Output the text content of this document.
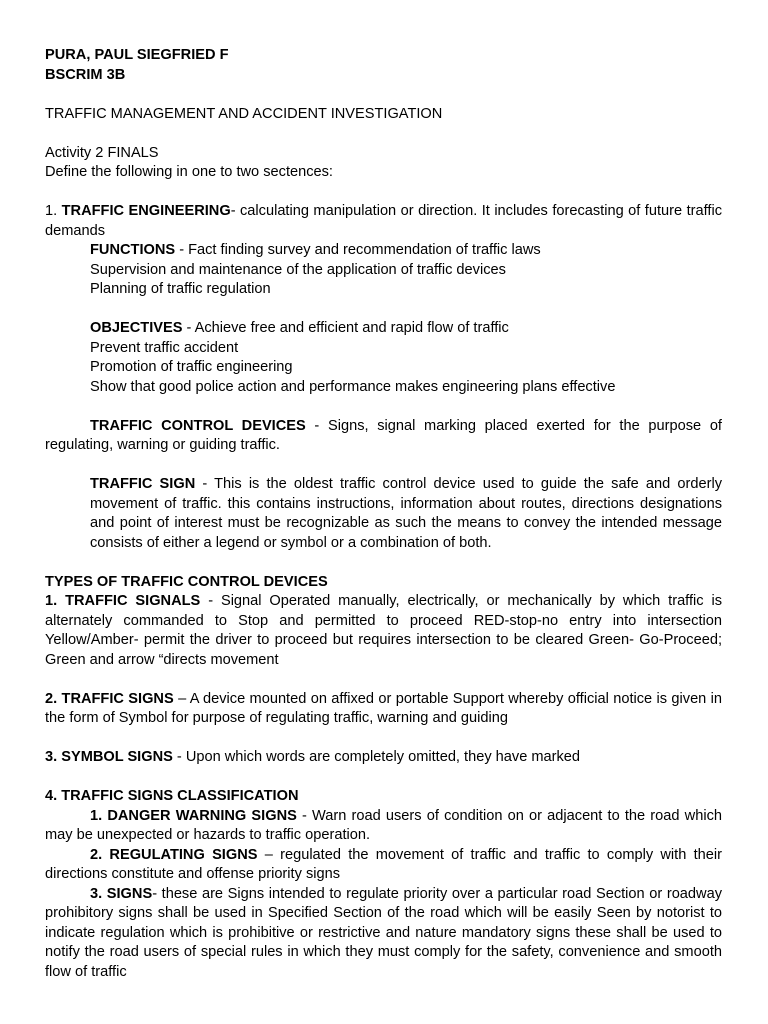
PURA, PAUL SIEGFRIED F

BSCRIM 3B

TRAFFIC MANAGEMENT AND ACCIDENT INVESTIGATION

Activity 2 FINALS

Define the following in one to two sectences:

1. TRAFFIC ENGINEERING- calculating manipulation or direction. It includes forecasting of future traffic demands

FUNCTIONS - Fact finding survey and recommendation of traffic laws

Supervision and maintenance of the application of traffic devices

Planning of traffic regulation

OBJECTIVES - Achieve free and efficient and rapid flow of traffic

Prevent traffic accident

Promotion of traffic engineering

Show that good police action and performance makes engineering plans effective

TRAFFIC CONTROL DEVICES - Signs, signal marking placed exerted for the purpose of regulating, warning or guiding traffic.

TRAFFIC SIGN - This is the oldest traffic control device used to guide the safe and orderly movement of traffic. this contains instructions, information about routes, directions designations and point of interest must be recognizable as such the means to convey the intended message consists of either a legend or symbol or a combination of both.

TYPES OF TRAFFIC CONTROL DEVICES

1. TRAFFIC SIGNALS - Signal Operated manually, electrically, or mechanically by which traffic is alternately commanded to Stop and permitted to proceed RED-stop-no entry into intersection Yellow/Amber- permit the driver to proceed but requires intersection to be cleared Green- Go-Proceed; Green and arrow “directs movement

2. TRAFFIC SIGNS – A device mounted on affixed or portable Support whereby official notice is given in the form of Symbol for purpose of regulating traffic, warning and guiding

3. SYMBOL SIGNS - Upon which words are completely omitted, they have marked

4. TRAFFIC SIGNS CLASSIFICATION

1. DANGER WARNING SIGNS - Warn road users of condition on or adjacent to the road which may be unexpected or hazards to traffic operation.

2. REGULATING SIGNS – regulated the movement of traffic and traffic to comply with their directions constitute and offense priority signs

3. SIGNS- these are Signs intended to regulate priority over a particular road Section or roadway prohibitory signs shall be used in Specified Section of the road which will be easily Seen by notorist to indicate regulation which is prohibitive or restrictive and nature mandatory signs these shall be used to notify the road users of special rules in which they must comply for the safety, convenience and smooth flow of traffic
